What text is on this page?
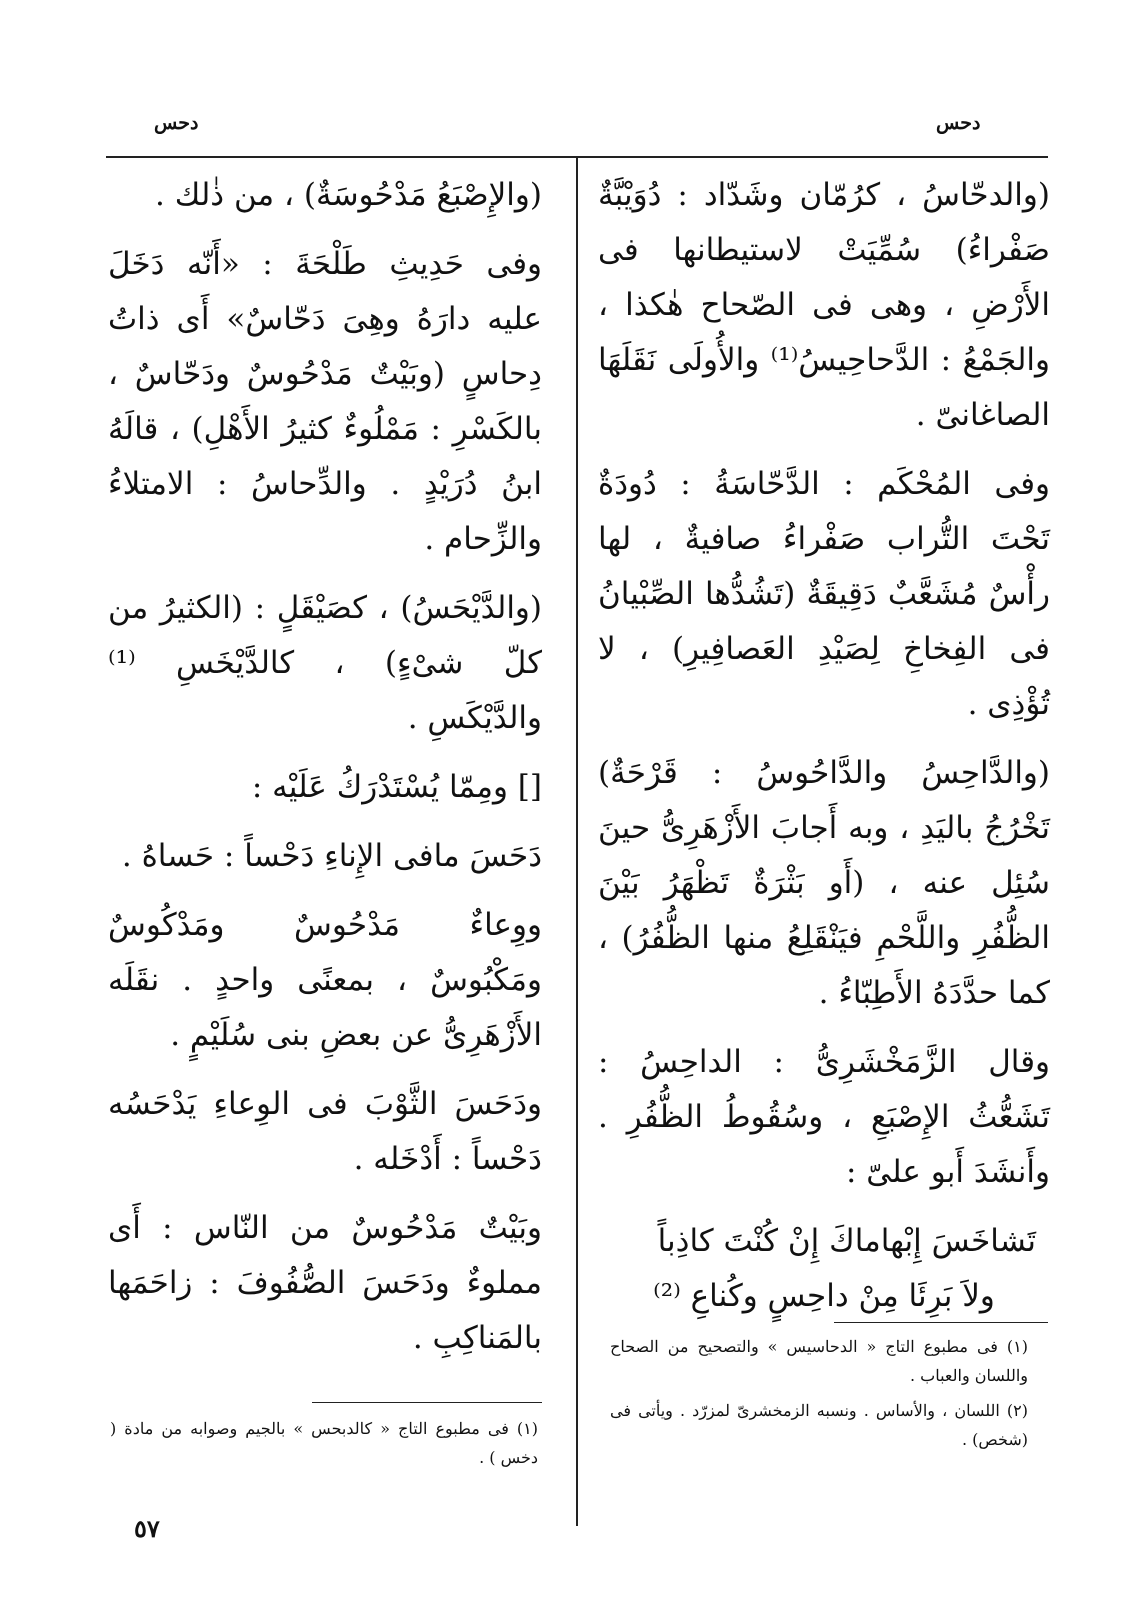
دحس
دحس

(والدحّاسُ ، كرُمّان وشَدّاد : دُوَيْبَّةٌ صَفْراءُ) سُمِّيَتْ لاستيطانها فى الأَرْضِ ، وهى فى الصّحاح هٰكذا ، والجَمْعُ : الدَّحاحِيسُ⁽¹⁾ والأُولَى نَقَلَهَا الصاغانىّ .

وفى المُحْكَم : الدَّحّاسَةُ : دُودَةٌ تَحْتَ التُّراب صَفْراءُ صافيةٌ ، لها رأْسٌ مُشَعَّبٌ دَقِيقَةٌ (تَشُدُّها الصِّبْيانُ فى الفِخاخِ لِصَيْدِ العَصافِيرِ) ، لا تُؤْذِى .

(والدَّاحِسُ والدَّاحُوسُ : قَرْحَةٌ) تَخْرُجُ باليَدِ ، وبه أَجابَ الأَزْهَرِىُّ حينَ سُئِل عنه ، (أَو بَثْرَةٌ تَظْهَرُ بَيْنَ الظُّفُرِ واللَّحْمِ فيَنْقَلِعُ منها الظُّفُرُ) ، كما حدَّدَهُ الأَطِبّاءُ .

وقال الزَّمَخْشَرِىُّ : الداحِسُ : تَشَعُّثُ الإِصْبَعِ ، وسُقُوطُ الظُّفُرِ . وأَنشَدَ أَبو علىّ :

تَشاخَسَ إِبْهاماكَ إِنْ كُنْتَ كاذِباً

ولاَ بَرِئَا مِنْ داحِسٍ وكُناعِ ⁽²⁾

(والإِصْبَعُ مَدْحُوسَةٌ) ، من ذٰلك .

وفى حَدِيثِ طَلْحَةَ : «أَنّه دَخَلَ عليه دارَهُ وهِىَ دَحّاسٌ» أَى ذاتُ دِحاسٍ (وبَيْتٌ مَدْحُوسٌ ودَحّاسٌ ، بالكَسْرِ : مَمْلُوءٌ كثيرُ الأَهْلِ) ، قالَهُ ابنُ دُرَيْدٍ . والدِّحاسُ : الامتلاءُ والزِّحام .

(والدَّيْحَسُ) ، كصَيْقَلٍ : (الكثيرُ من كلّ شىْءٍ) ، كالدَّيْخَسِ ⁽¹⁾ والدَّيْكَسِ .

[] ومِمّا يُسْتَدْرَكُ عَلَيْه :

دَحَسَ مافى الإِناءِ دَحْساً : حَساهُ .

ووِعاءٌ مَدْحُوسٌ ومَدْكُوسٌ ومَكْبُوسٌ ، بمعنًى واحدٍ . نقَلَه الأَزْهَرِىُّ عن بعضِ بنى سُلَيْمٍ .

ودَحَسَ الثَّوْبَ فى الوِعاءِ يَدْحَسُه دَحْساً : أَدْخَله .

وبَيْتٌ مَدْحُوسٌ من النّاس : أَى مملوءٌ ودَحَسَ الصُّفُوفَ : زاحَمَها بالمَناكِبِ .	(١) فى مطبوع التاج « الدحاسيس » والتصحيح من الصحاح واللسان والعباب .

(٢) اللسان ، والأساس . ونسبه الزمخشرىّ لمزرّد . ويأتى فى (شخص) .

(١) فى مطبوع التاج « كالدبحس » بالجيم وصوابه من مادة ( دخس ) .

٥٧
